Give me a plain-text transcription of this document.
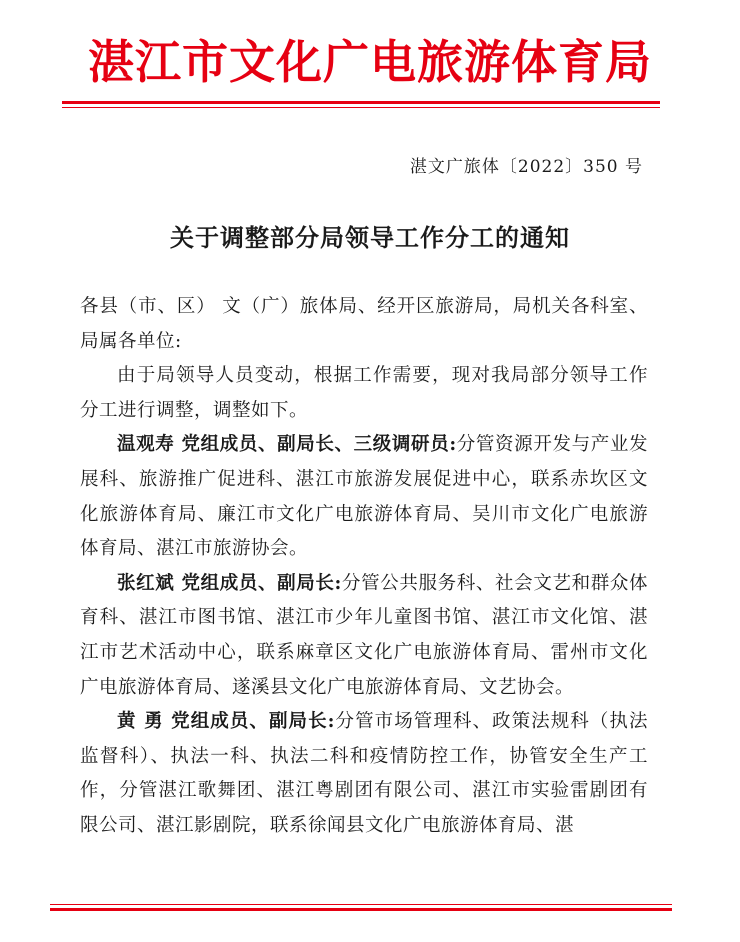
湛江市文化广电旅游体育局
湛文广旅体〔2022〕350 号
关于调整部分局领导工作分工的通知

各县（市、区） 文（广）旅体局、经开区旅游局，局机关各科室、局属各单位:

由于局领导人员变动，根据工作需要，现对我局部分领导工作分工进行调整，调整如下。

温观寿 党组成员、副局长、三级调研员:分管资源开发与产业发展科、旅游推广促进科、湛江市旅游发展促进中心，联系赤坎区文化旅游体育局、廉江市文化广电旅游体育局、吴川市文化广电旅游体育局、湛江市旅游协会。

张红斌 党组成员、副局长:分管公共服务科、社会文艺和群众体育科、湛江市图书馆、湛江市少年儿童图书馆、湛江市文化馆、湛江市艺术活动中心，联系麻章区文化广电旅游体育局、雷州市文化广电旅游体育局、遂溪县文化广电旅游体育局、文艺协会。

黄 勇 党组成员、副局长:分管市场管理科、政策法规科（执法监督科）、执法一科、执法二科和疫情防控工作，协管安全生产工作，分管湛江歌舞团、湛江粤剧团有限公司、湛江市实验雷剧团有限公司、湛江影剧院，联系徐闻县文化广电旅游体育局、湛
